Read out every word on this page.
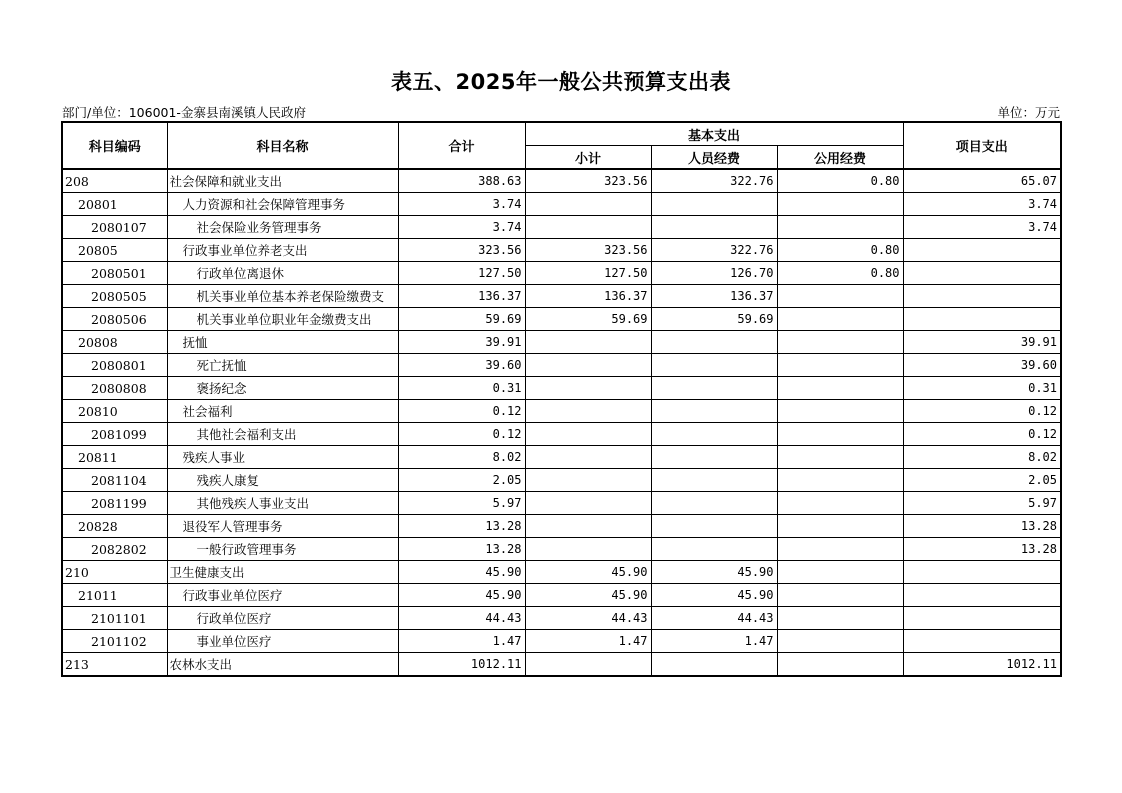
表五、2025年一般公共预算支出表
部门/单位：106001-金寨县南溪镇人民政府	单位：万元
科目编码	科目名称	合计	基本支出			项目支出
			小计	人员经费	公用经费	
208	社会保障和就业支出	388.63	323.56	322.76	0.80	65.07
20801	人力资源和社会保障管理事务	3.74				3.74
2080107	社会保险业务管理事务	3.74				3.74
20805	行政事业单位养老支出	323.56	323.56	322.76	0.80	
2080501	行政单位离退休	127.50	127.50	126.70	0.80	
2080505	机关事业单位基本养老保险缴费支	136.37	136.37	136.37		
2080506	机关事业单位职业年金缴费支出	59.69	59.69	59.69		
20808	抚恤	39.91				39.91
2080801	死亡抚恤	39.60				39.60
2080808	褒扬纪念	0.31				0.31
20810	社会福利	0.12				0.12
2081099	其他社会福利支出	0.12				0.12
20811	残疾人事业	8.02				8.02
2081104	残疾人康复	2.05				2.05
2081199	其他残疾人事业支出	5.97				5.97
20828	退役军人管理事务	13.28				13.28
2082802	一般行政管理事务	13.28				13.28
210	卫生健康支出	45.90	45.90	45.90		
21011	行政事业单位医疗	45.90	45.90	45.90		
2101101	行政单位医疗	44.43	44.43	44.43		
2101102	事业单位医疗	1.47	1.47	1.47		
213	农林水支出	1012.11				1012.11
